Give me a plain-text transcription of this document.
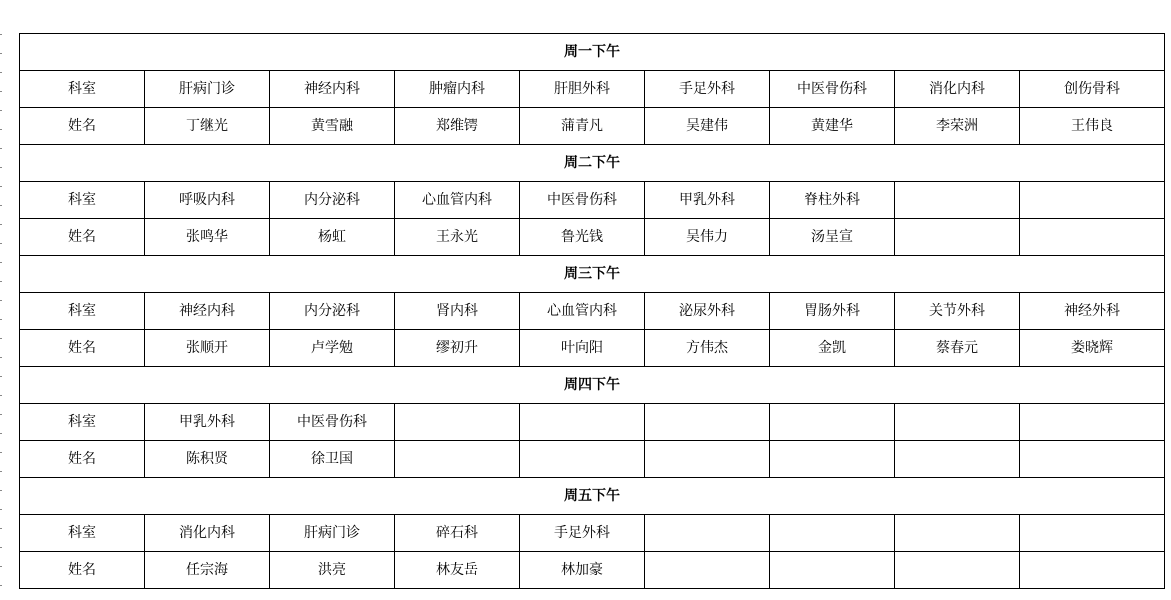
周一下午								
科室	肝病门诊	神经内科	肿瘤内科	肝胆外科	手足外科	中医骨伤科	消化内科	创伤骨科
姓名	丁继光	黄雪融	郑维锷	蒲青凡	吴建伟	黄建华	李荣洲	王伟良
周二下午								
科室	呼吸内科	内分泌科	心血管内科	中医骨伤科	甲乳外科	脊柱外科		
姓名	张鸣华	杨虹	王永光	鲁光钱	吴伟力	汤呈宣		
周三下午								
科室	神经内科	内分泌科	肾内科	心血管内科	泌尿外科	胃肠外科	关节外科	神经外科
姓名	张顺开	卢学勉	缪初升	叶向阳	方伟杰	金凯	蔡春元	娄晓辉
周四下午								
科室	甲乳外科	中医骨伤科						
姓名	陈积贤	徐卫国						
周五下午								
科室	消化内科	肝病门诊	碎石科	手足外科				
姓名	任宗海	洪亮	林友岳	林加豪				
